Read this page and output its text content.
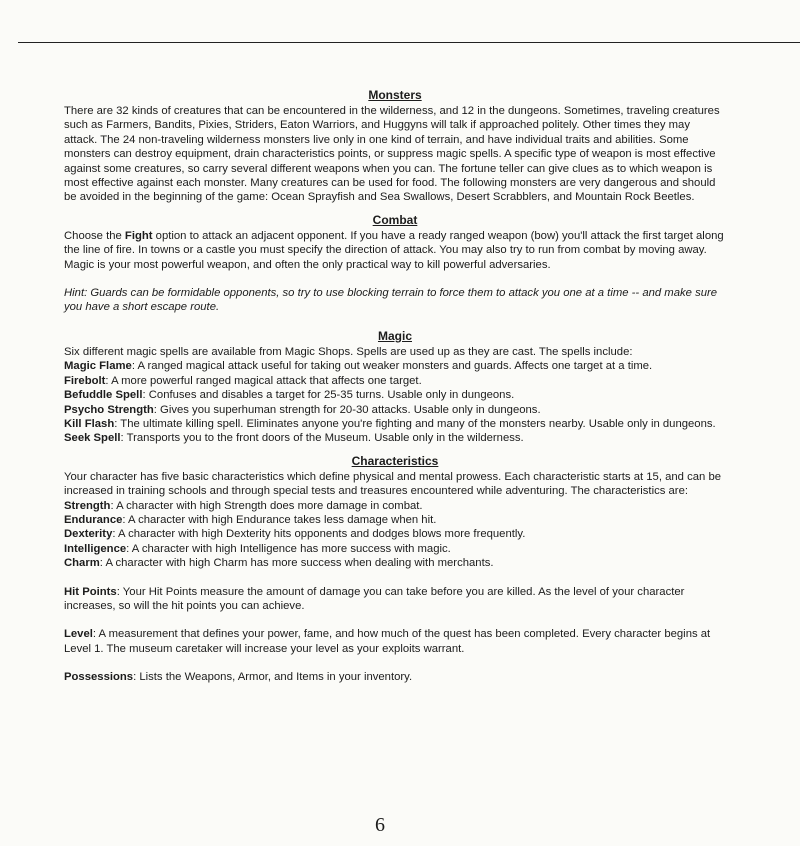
Monsters

There are 32 kinds of creatures that can be encountered in the wilderness, and 12 in the dungeons. Sometimes, traveling creatures such as Farmers, Bandits, Pixies, Striders, Eaton Warriors, and Huggyns will talk if approached politely. Other times they may attack. The 24 non-traveling wilderness monsters live only in one kind of terrain, and have individual traits and abilities. Some monsters can destroy equipment, drain characteristics points, or suppress magic spells. A specific type of weapon is most effective against some creatures, so carry several different weapons when you can. The fortune teller can give clues as to which weapon is most effective against each monster. Many creatures can be used for food. The following monsters are very dangerous and should be avoided in the beginning of the game: Ocean Sprayfish and Sea Swallows, Desert Scrabblers, and Mountain Rock Beetles.

Combat

Choose the Fight option to attack an adjacent opponent. If you have a ready ranged weapon (bow) you'll attack the first target along the line of fire. In towns or a castle you must specify the direction of attack. You may also try to run from combat by moving away. Magic is your most powerful weapon, and often the only practical way to kill powerful adversaries.

Hint: Guards can be formidable opponents, so try to use blocking terrain to force them to attack you one at a time -- and make sure you have a short escape route.

Magic

Six different magic spells are available from Magic Shops. Spells are used up as they are cast. The spells include:

Magic Flame: A ranged magical attack useful for taking out weaker monsters and guards. Affects one target at a time.

Firebolt: A more powerful ranged magical attack that affects one target.

Befuddle Spell: Confuses and disables a target for 25-35 turns. Usable only in dungeons.

Psycho Strength: Gives you superhuman strength for 20-30 attacks. Usable only in dungeons.

Kill Flash: The ultimate killing spell. Eliminates anyone you're fighting and many of the monsters nearby. Usable only in dungeons.

Seek Spell: Transports you to the front doors of the Museum. Usable only in the wilderness.

Characteristics

Your character has five basic characteristics which define physical and mental prowess. Each characteristic starts at 15, and can be increased in training schools and through special tests and treasures encountered while adventuring. The characteristics are:

Strength: A character with high Strength does more damage in combat.

Endurance: A character with high Endurance takes less damage when hit.

Dexterity: A character with high Dexterity hits opponents and dodges blows more frequently.

Intelligence: A character with high Intelligence has more success with magic.

Charm: A character with high Charm has more success when dealing with merchants.

Hit Points: Your Hit Points measure the amount of damage you can take before you are killed. As the level of your character increases, so will the hit points you can achieve.

Level: A measurement that defines your power, fame, and how much of the quest has been completed. Every character begins at Level 1. The museum caretaker will increase your level as your exploits warrant.

Possessions: Lists the Weapons, Armor, and Items in your inventory.

6
